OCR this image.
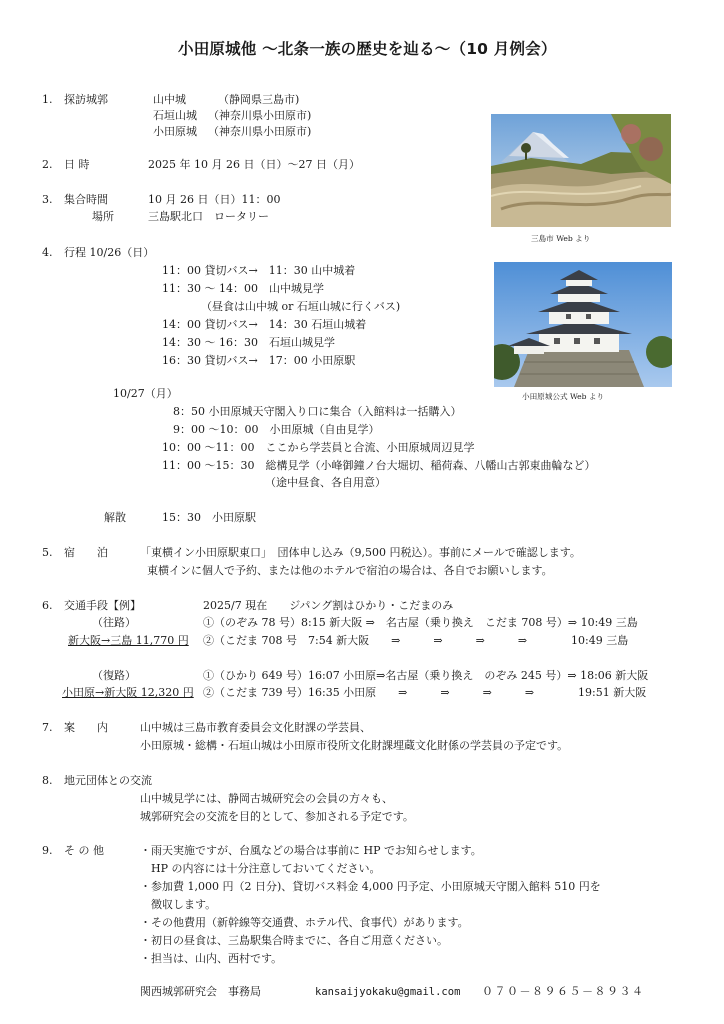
小田原城他 〜北条一族の歴史を辿る〜（10 月例会）
1. 探訪城郭	山中城	（静岡県三島市)
石垣山城 （神奈川県小田原市)
小田原城 （神奈川県小田原市)
2. 日 時	2025 年 10 月 26 日（日）〜27 日（月）
3. 集合時間	10 月 26 日（日）11：00
場所	三島駅北口　ロータリー
4. 行程 10/26（日）
11：00 貸切バス→　11：30 山中城着
11：30 〜 14：00　山中城見学
（昼食は山中城 or 石垣山城に行くバス)
14：00 貸切バス→　14：30 石垣山城着
14：30 〜 16：30　石垣山城見学
16：30 貸切バス→　17：00 小田原駅
10/27（月）
8：50 小田原城天守閣入り口に集合（入館料は一括購入）
9：00 〜10：00　小田原城（自由見学）
10：00 〜11：00　ここから学芸員と合流、小田原城周辺見学
11：00 〜15：30　総構見学（小峰御鐘ノ台大堀切、稲荷森、八幡山古郭東曲輪など）
（途中昼食、各自用意）
解散	15：30　小田原駅
5. 宿　　泊	「東横イン小田原駅東口」　団体申し込み（9,500 円税込）。事前にメールで確認します。
東横インに個人で予約、または他のホテルで宿泊の場合は、各自でお願いします。
6. 交通手段【例】	2025/7 現在　　ジパング割はひかり・こだまのみ
（往路）	①（のぞみ 78 号）8:15 新大阪 ⇒　名古屋（乗り換え　こだま 708 号）⇒ 10:49 三島
新大阪→三島 11,770 円 ②（こだま 708 号　7:54 新大阪　　⇒　　　⇒　　　⇒　　　⇒　　　　10:49 三島
（復路）	①（ひかり 649 号）16:07 小田原⇒名古屋（乗り換え　のぞみ 245 号）⇒ 18:06 新大阪
小田原→新大阪 12,320 円 ②（こだま 739 号）16:35 小田原　　⇒　　　⇒　　　⇒　　　⇒　　　　19:51 新大阪
7. 案　　内	山中城は三島市教育委員会文化財課の学芸員、
小田原城・総構・石垣山城は小田原市役所文化財課埋蔵文化財係の学芸員の予定です。
8. 地元団体との交流
山中城見学には、静岡古城研究会の会員の方々も、
城郭研究会の交流を目的として、参加される予定です。
9. そ の 他	・雨天実施ですが、台風などの場合は事前に HP でお知らせします。
　HP の内容には十分注意しておいてください。
・参加費 1,000 円（2 日分)、貸切バス料金 4,000 円予定、小田原城天守閣入館料 510 円を
　徴収します。
・その他費用（新幹線等交通費、ホテル代、食事代）があります。
・初日の昼食は、三島駅集合時までに、各自ご用意ください。
・担当は、山内、西村です。
関西城郭研究会　事務局	kansaijyokaku@gmail.com ０７０－８９６５－８９３４
三島市 Web より
小田原城公式 Web より
